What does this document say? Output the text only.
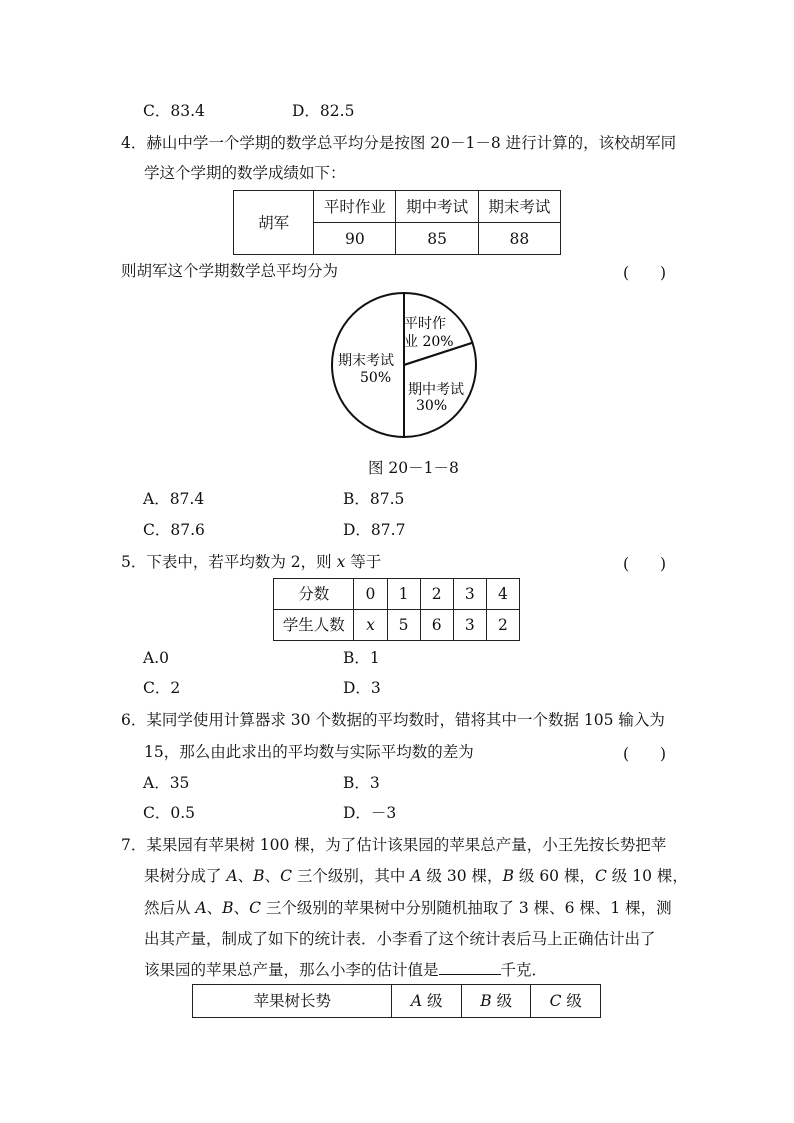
C．83.4	D．82.5
4．赫山中学一个学期的数学总平均分是按图 20－1－8 进行计算的，该校胡军同
学这个学期的数学成绩如下：
胡军	平时作业	期中考试	期末考试
	90	85	88
则胡军这个学期数学总平均分为	(　　)
平时作
业 20%
期中考试
30%
期末考试
50%
图 20－1－8
A．87.4	B．87.5
C．87.6	D．87.7
5．下表中，若平均数为 2，则 x 等于	(　　)
分数	0	1	2	3	4
学生人数	x	5	6	3	2
A.0	B．1
C．2	D．3
6．某同学使用计算器求 30 个数据的平均数时，错将其中一个数据 105 输入为
15，那么由此求出的平均数与实际平均数的差为	(　　)
A．35	B．3
C．0.5	D．－3
7．某果园有苹果树 100 棵，为了估计该果园的苹果总产量，小王先按长势把苹
果树分成了 A、B、C 三个级别，其中 A 级 30 棵，B 级 60 棵，C 级 10 棵，
然后从 A、B、C 三个级别的苹果树中分别随机抽取了 3 棵、6 棵、1 棵，测
出其产量，制成了如下的统计表．小李看了这个统计表后马上正确估计出了
该果园的苹果总产量，那么小李的估计值是	千克．
苹果树长势	A 级	B 级	C 级
